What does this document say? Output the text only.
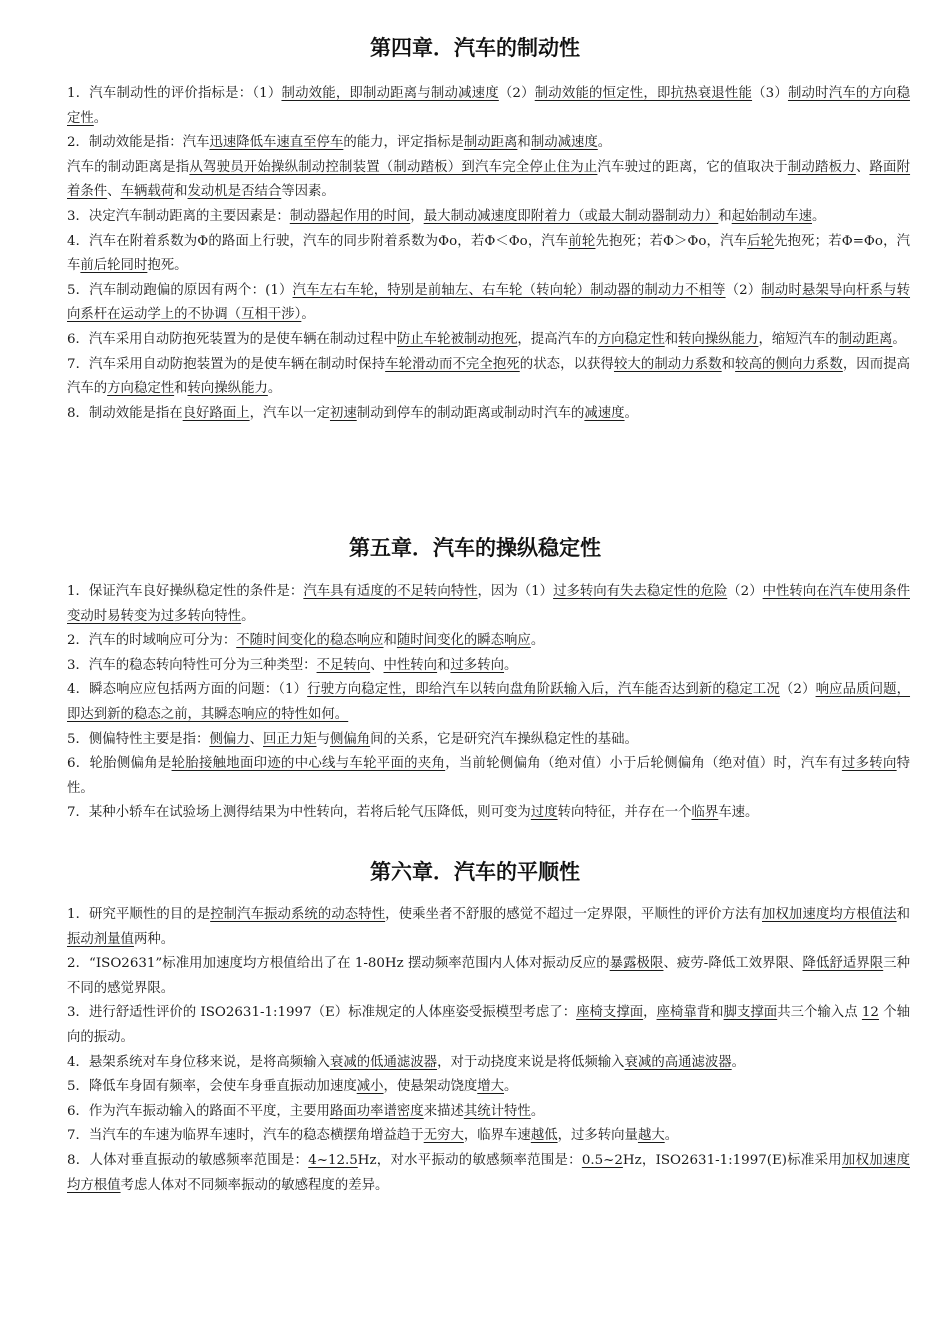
第四章．汽车的制动性

1．汽车制动性的评价指标是：（1）制动效能，即制动距离与制动减速度（2）制动效能的恒定性，即抗热衰退性能（3）制动时汽车的方向稳定性。

2．制动效能是指：汽车迅速降低车速直至停车的能力，评定指标是制动距离和制动减速度。

汽车的制动距离是指从驾驶员开始操纵制动控制装置（制动踏板）到汽车完全停止住为止汽车驶过的距离，它的值取决于制动踏板力、路面附着条件、车辆载荷和发动机是否结合等因素。

3．决定汽车制动距离的主要因素是：制动器起作用的时间，最大制动减速度即附着力（或最大制动器制动力）和起始制动车速。

4．汽车在附着系数为Φ的路面上行驶，汽车的同步附着系数为Φo，若Φ＜Φo，汽车前轮先抱死；若Φ＞Φo，汽车后轮先抱死；若Φ=Φo，汽车前后轮同时抱死。

5．汽车制动跑偏的原因有两个：(1）汽车左右车轮，特别是前轴左、右车轮（转向轮）制动器的制动力不相等（2）制动时悬架导向杆系与转向系杆在运动学上的不协调（互相干涉）。

6．汽车采用自动防抱死装置为的是使车辆在制动过程中防止车轮被制动抱死，提高汽车的方向稳定性和转向操纵能力，缩短汽车的制动距离。

7．汽车采用自动防抱装置为的是使车辆在制动时保持车轮滑动而不完全抱死的状态，以获得较大的制动力系数和较高的侧向力系数，因而提高汽车的方向稳定性和转向操纵能力。

8．制动效能是指在良好路面上，汽车以一定初速制动到停车的制动距离或制动时汽车的减速度。

第五章．汽车的操纵稳定性

1．保证汽车良好操纵稳定性的条件是：汽车具有适度的不足转向特性，因为（1）过多转向有失去稳定性的危险（2）中性转向在汽车使用条件变动时易转变为过多转向特性。

2．汽车的时域响应可分为：不随时间变化的稳态响应和随时间变化的瞬态响应。

3．汽车的稳态转向特性可分为三种类型：不足转向、中性转向和过多转向。

4．瞬态响应应包括两方面的问题：（1）行驶方向稳定性，即给汽车以转向盘角阶跃输入后，汽车能否达到新的稳定工况（2）响应品质问题，即达到新的稳态之前，其瞬态响应的特性如何。

5．侧偏特性主要是指：侧偏力、回正力矩与侧偏角间的关系，它是研究汽车操纵稳定性的基础。

6．轮胎侧偏角是轮胎接触地面印迹的中心线与车轮平面的夹角，当前轮侧偏角（绝对值）小于后轮侧偏角（绝对值）时，汽车有过多转向特性。

7．某种小轿车在试验场上测得结果为中性转向，若将后轮气压降低，则可变为过度转向特征，并存在一个临界车速。

第六章．汽车的平顺性

1．研究平顺性的目的是控制汽车振动系统的动态特性，使乘坐者不舒服的感觉不超过一定界限，平顺性的评价方法有加权加速度均方根值法和振动剂量值两种。

2．“ISO2631”标准用加速度均方根值给出了在 1-80Hz 摆动频率范围内人体对振动反应的暴露极限、疲劳-降低工效界限、降低舒适界限三种不同的感觉界限。

3．进行舒适性评价的 ISO2631-1:1997（E）标准规定的人体座姿受振模型考虑了：座椅支撑面，座椅靠背和脚支撑面共三个输入点 12 个轴向的振动。

4．悬架系统对车身位移来说，是将高频输入衰减的低通滤波器，对于动挠度来说是将低频输入衰减的高通滤波器。

5．降低车身固有频率，会使车身垂直振动加速度减小，使悬架动饶度增大。

6．作为汽车振动输入的路面不平度，主要用路面功率谱密度来描述其统计特性。

7．当汽车的车速为临界车速时，汽车的稳态横摆角增益趋于无穷大，临界车速越低，过多转向量越大。

8．人体对垂直振动的敏感频率范围是：4~12.5Hz，对水平振动的敏感频率范围是：0.5~2Hz，ISO2631-1:1997(E)标准采用加权加速度均方根值考虑人体对不同频率振动的敏感程度的差异。
